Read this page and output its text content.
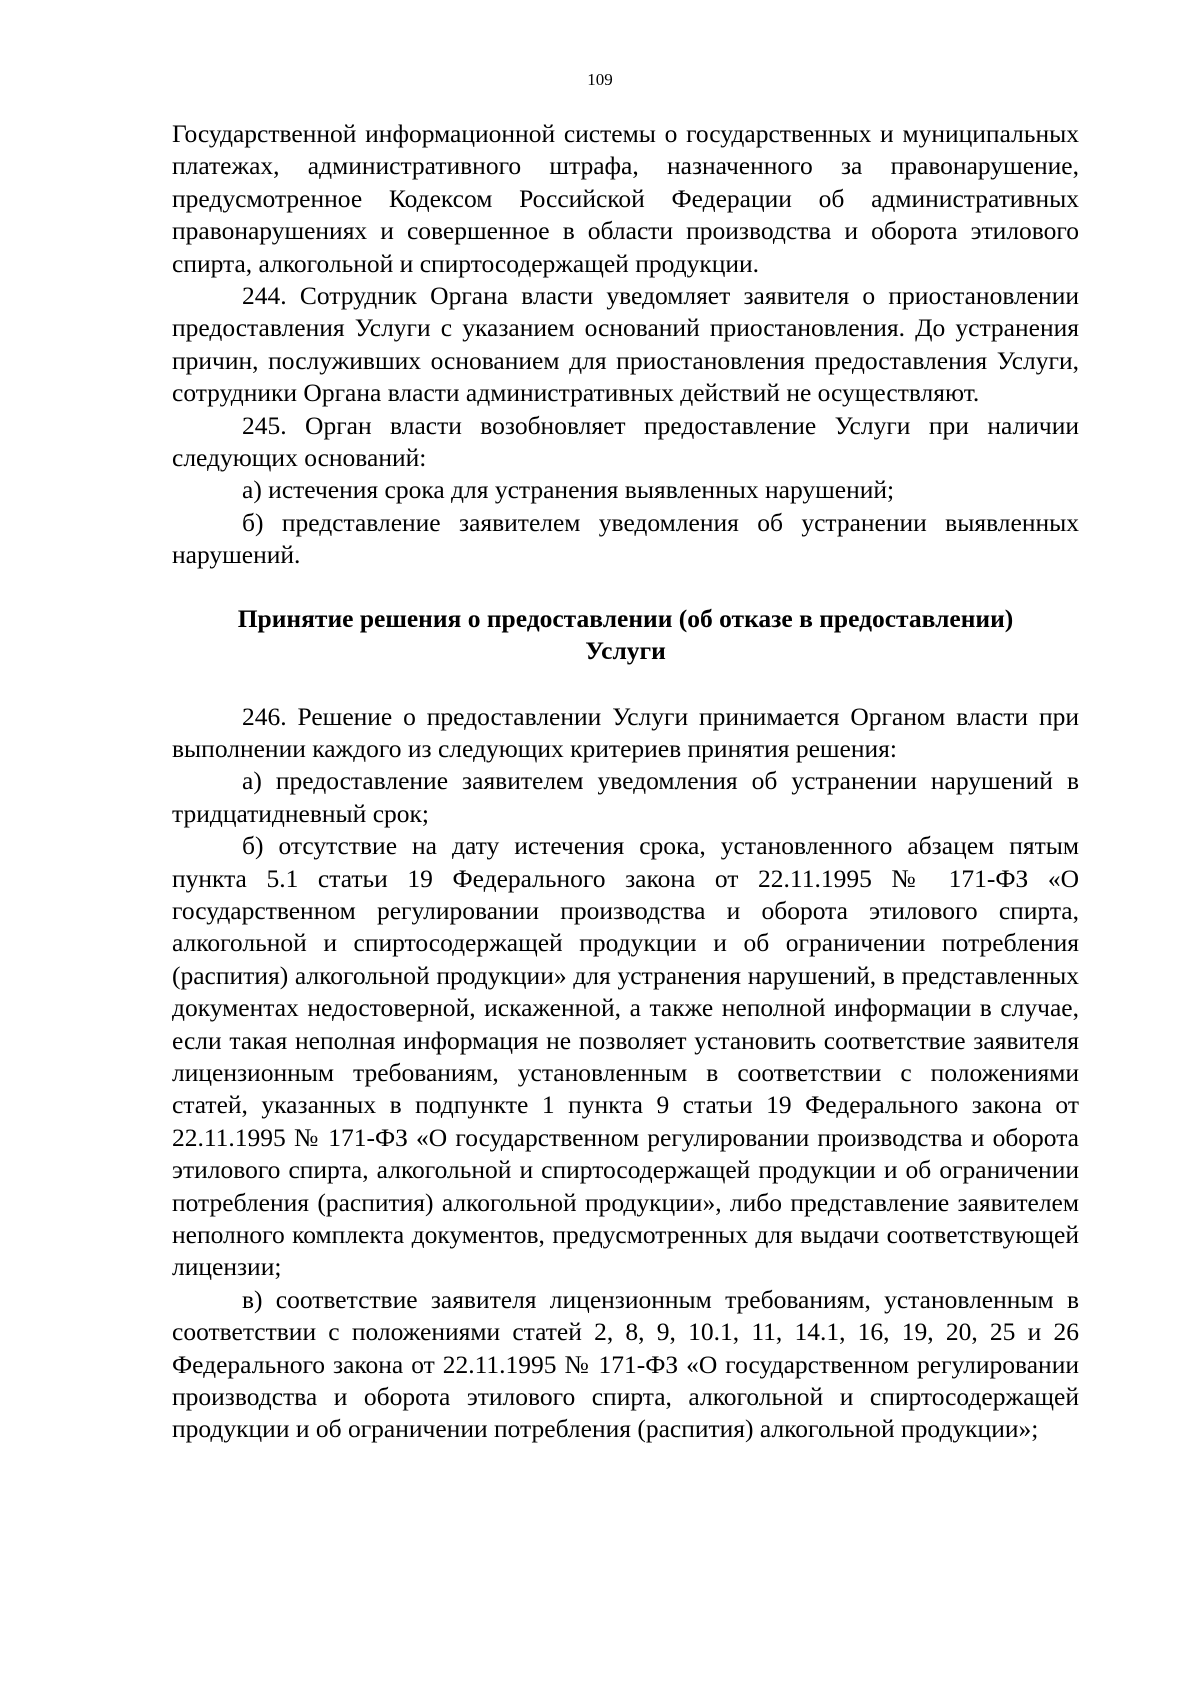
109

Государственной информационной системы о государственных и муниципальных платежах, административного штрафа, назначенного за правонарушение, предусмотренное Кодексом Российской Федерации об административных правонарушениях и совершенное в области производства и оборота этилового спирта, алкогольной и спиртосодержащей продукции.

244. Сотрудник Органа власти уведомляет заявителя о приостановлении предоставления Услуги с указанием оснований приостановления. До устранения причин, послуживших основанием для приостановления предоставления Услуги, сотрудники Органа власти административных действий не осуществляют.

245. Орган власти возобновляет предоставление Услуги при наличии следующих оснований:

а) истечения срока для устранения выявленных нарушений;

б) представление заявителем уведомления об устранении выявленных нарушений.

Принятие решения о предоставлении (об отказе в предоставлении)
Услуги

246. Решение о предоставлении Услуги принимается Органом власти при выполнении каждого из следующих критериев принятия решения:

а) предоставление заявителем уведомления об устранении нарушений в тридцатидневный срок;

б) отсутствие на дату истечения срока, установленного абзацем пятым пункта 5.1 статьи 19 Федерального закона от 22.11.1995 № 171-ФЗ «О государственном регулировании производства и оборота этилового спирта, алкогольной и спиртосодержащей продукции и об ограничении потребления (распития) алкогольной продукции» для устранения нарушений, в представленных документах недостоверной, искаженной, а также неполной информации в случае, если такая неполная информация не позволяет установить соответствие заявителя лицензионным требованиям, установленным в соответствии с положениями статей, указанных в подпункте 1 пункта 9 статьи 19 Федерального закона от 22.11.1995 № 171-ФЗ «О государственном регулировании производства и оборота этилового спирта, алкогольной и спиртосодержащей продукции и об ограничении потребления (распития) алкогольной продукции», либо представление заявителем неполного комплекта документов, предусмотренных для выдачи соответствующей лицензии;

в) соответствие заявителя лицензионным требованиям, установленным в соответствии с положениями статей 2, 8, 9, 10.1, 11, 14.1, 16, 19, 20, 25 и 26 Федерального закона от 22.11.1995 № 171-ФЗ «О государственном регулировании производства и оборота этилового спирта, алкогольной и спиртосодержащей продукции и об ограничении потребления (распития) алкогольной продукции»;
